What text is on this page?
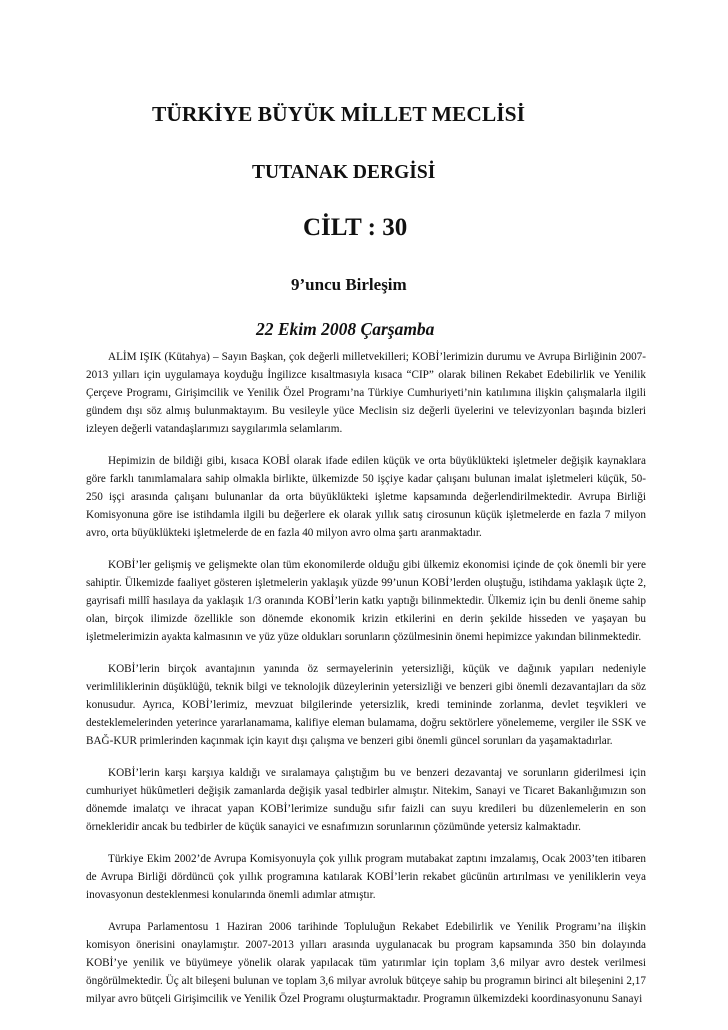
TÜRKİYE BÜYÜK MİLLET MECLİSİ
TUTANAK DERGİSİ
CİLT : 30
9’uncu Birleşim
22 Ekim 2008 Çarşamba

ALİM IŞIK (Kütahya) – Sayın Başkan, çok değerli milletvekilleri; KOBİ’lerimizin durumu ve Avrupa Birliğinin 2007-2013 yılları için uygulamaya koyduğu İngilizce kısaltmasıyla kısaca “CIP” olarak bilinen Rekabet Edebilirlik ve Yenilik Çerçeve Programı, Girişimcilik ve Yenilik Özel Programı’na Türkiye Cumhuriyeti’nin katılımına ilişkin çalışmalarla ilgili gündem dışı söz almış bulunmaktayım. Bu vesileyle yüce Meclisin siz değerli üyelerini ve televizyonları başında bizleri izleyen değerli vatandaşlarımızı saygılarımla selamlarım.

Hepimizin de bildiği gibi, kısaca KOBİ olarak ifade edilen küçük ve orta büyüklükteki işletmeler değişik kaynaklara göre farklı tanımlamalara sahip olmakla birlikte, ülkemizde 50 işçiye kadar çalışanı bulunan imalat işletmeleri küçük, 50-250 işçi arasında çalışanı bulunanlar da orta büyüklükteki işletme kapsamında değerlendirilmektedir. Avrupa Birliği Komisyonuna göre ise istihdamla ilgili bu değerlere ek olarak yıllık satış cirosunun küçük işletmelerde en fazla 7 milyon avro, orta büyüklükteki işletmelerde de en fazla 40 milyon avro olma şartı aranmaktadır.

KOBİ’ler gelişmiş ve gelişmekte olan tüm ekonomilerde olduğu gibi ülkemiz ekonomisi içinde de çok önemli bir yere sahiptir. Ülkemizde faaliyet gösteren işletmelerin yaklaşık yüzde 99’unun KOBİ’lerden oluştuğu, istihdama yaklaşık üçte 2, gayrisafi millî hasılaya da yaklaşık 1/3 oranında KOBİ’lerin katkı yaptığı bilinmektedir. Ülkemiz için bu denli öneme sahip olan, birçok ilimizde özellikle son dönemde ekonomik krizin etkilerini en derin şekilde hisseden ve yaşayan bu işletmelerimizin ayakta kalmasının ve yüz yüze oldukları sorunların çözülmesinin önemi hepimizce yakından bilinmektedir.

KOBİ’lerin birçok avantajının yanında öz sermayelerinin yetersizliği, küçük ve dağınık yapıları nedeniyle verimliliklerinin düşüklüğü, teknik bilgi ve teknolojik düzeylerinin yetersizliği ve benzeri gibi önemli dezavantajları da söz konusudur. Ayrıca, KOBİ’lerimiz, mevzuat bilgilerinde yetersizlik, kredi temininde zorlanma, devlet teşvikleri ve desteklemelerinden yeterince yararlanamama, kalifiye eleman bulamama, doğru sektörlere yönelememe, vergiler ile SSK ve BAĞ-KUR primlerinden kaçınmak için kayıt dışı çalışma ve benzeri gibi önemli güncel sorunları da yaşamaktadırlar.

KOBİ’lerin karşı karşıya kaldığı ve sıralamaya çalıştığım bu ve benzeri dezavantaj ve sorunların giderilmesi için cumhuriyet hükûmetleri değişik zamanlarda değişik yasal tedbirler almıştır. Nitekim, Sanayi ve Ticaret Bakanlığımızın son dönemde imalatçı ve ihracat yapan KOBİ’lerimize sunduğu sıfır faizli can suyu kredileri bu düzenlemelerin en son örnekleridir ancak bu tedbirler de küçük sanayici ve esnafımızın sorunlarının çözümünde yetersiz kalmaktadır.

Türkiye Ekim 2002’de Avrupa Komisyonuyla çok yıllık program mutabakat zaptını imzalamış, Ocak 2003’ten itibaren de Avrupa Birliği dördüncü çok yıllık programına katılarak KOBİ’lerin rekabet gücünün artırılması ve yeniliklerin veya inovasyonun desteklenmesi konularında önemli adımlar atmıştır.

Avrupa Parlamentosu 1 Haziran 2006 tarihinde Topluluğun Rekabet Edebilirlik ve Yenilik Programı’na ilişkin komisyon önerisini onaylamıştır. 2007-2013 yılları arasında uygulanacak bu program kapsamında 350 bin dolayında KOBİ’ye yenilik ve büyümeye yönelik olarak yapılacak tüm yatırımlar için toplam 3,6 milyar avro destek verilmesi öngörülmektedir. Üç alt bileşeni bulunan ve toplam 3,6 milyar avroluk bütçeye sahip bu programın birinci alt bileşenini 2,17 milyar avro bütçeli Girişimcilik ve Yenilik Özel Programı oluşturmaktadır. Programın ülkemizdeki koordinasyonunu Sanayi
